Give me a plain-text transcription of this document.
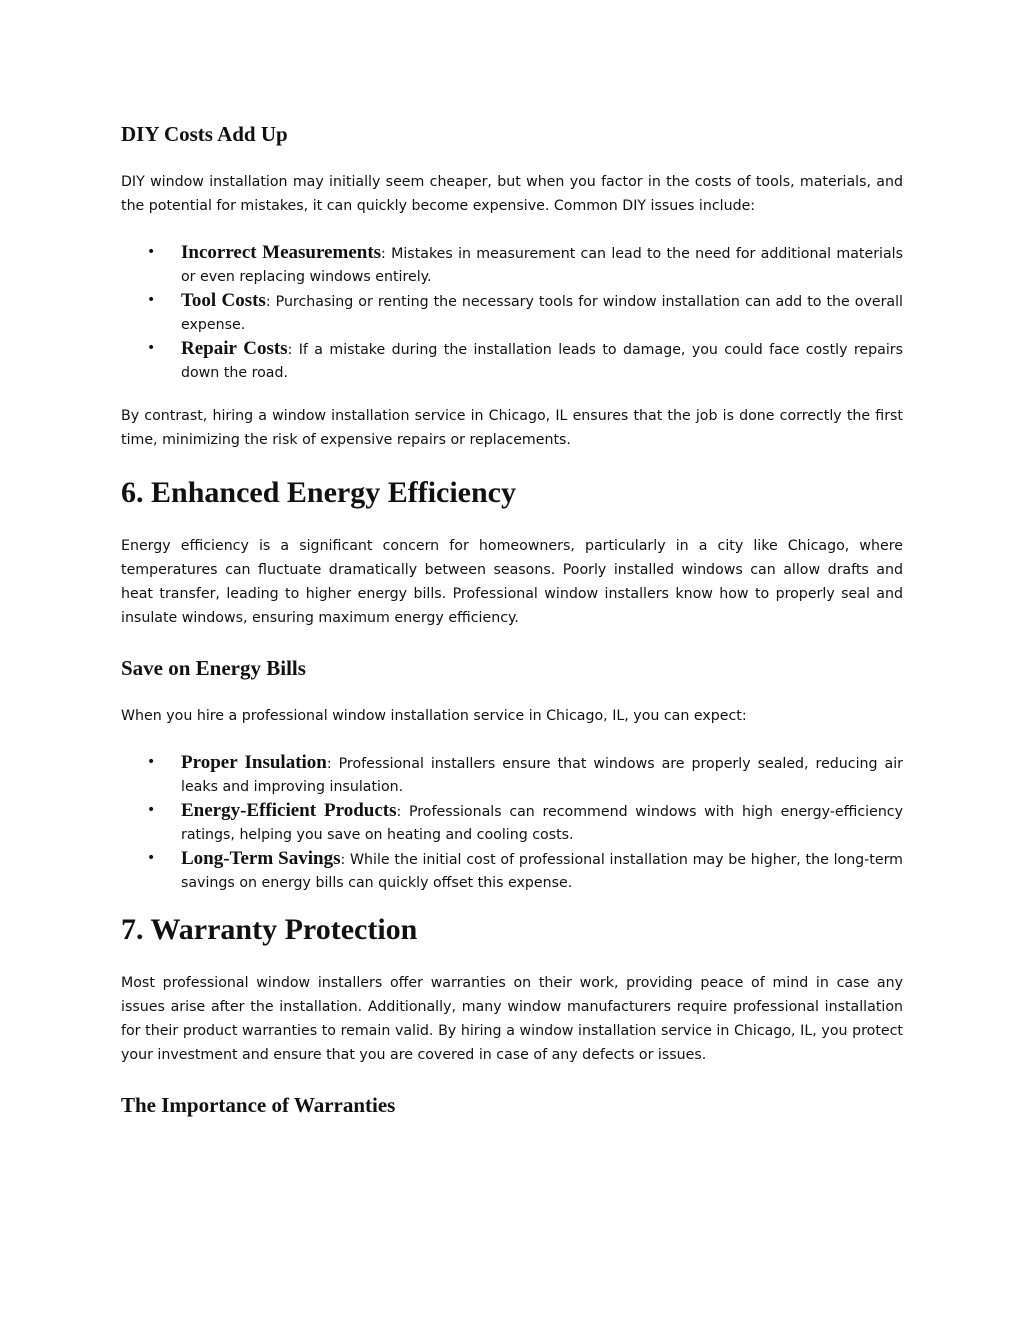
DIY Costs Add Up

DIY window installation may initially seem cheaper, but when you factor in the costs of tools, materials, and the potential for mistakes, it can quickly become expensive. Common DIY issues include:

• Incorrect Measurements: Mistakes in measurement can lead to the need for additional materials or even replacing windows entirely.
• Tool Costs: Purchasing or renting the necessary tools for window installation can add to the overall expense.
• Repair Costs: If a mistake during the installation leads to damage, you could face costly repairs down the road.

By contrast, hiring a window installation service in Chicago, IL ensures that the job is done correctly the first time, minimizing the risk of expensive repairs or replacements.

6. Enhanced Energy Efficiency

Energy efficiency is a significant concern for homeowners, particularly in a city like Chicago, where temperatures can fluctuate dramatically between seasons. Poorly installed windows can allow drafts and heat transfer, leading to higher energy bills. Professional window installers know how to properly seal and insulate windows, ensuring maximum energy efficiency.

Save on Energy Bills

When you hire a professional window installation service in Chicago, IL, you can expect:

• Proper Insulation: Professional installers ensure that windows are properly sealed, reducing air leaks and improving insulation.
• Energy-Efficient Products: Professionals can recommend windows with high energy-efficiency ratings, helping you save on heating and cooling costs.
• Long-Term Savings: While the initial cost of professional installation may be higher, the long-term savings on energy bills can quickly offset this expense.
7. Warranty Protection

Most professional window installers offer warranties on their work, providing peace of mind in case any issues arise after the installation. Additionally, many window manufacturers require professional installation for their product warranties to remain valid. By hiring a window installation service in Chicago, IL, you protect your investment and ensure that you are covered in case of any defects or issues.

The Importance of Warranties
